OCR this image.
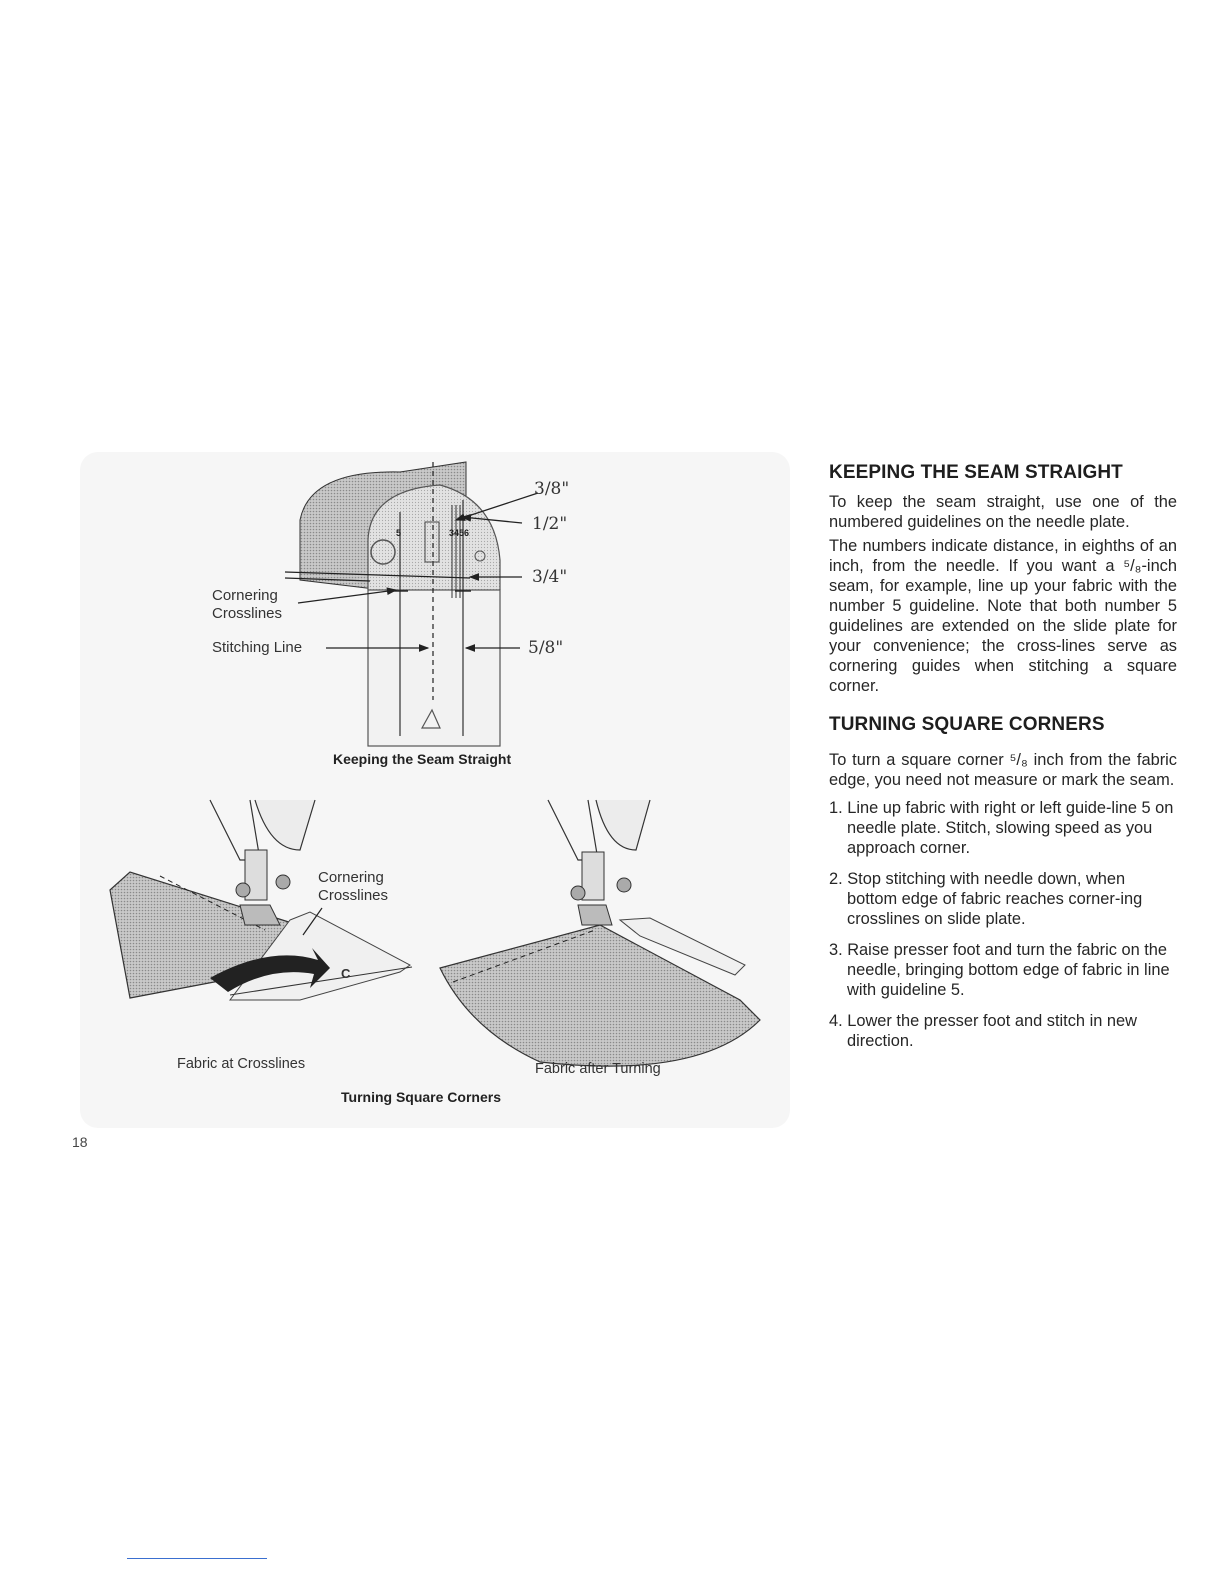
Cornering
Crosslines
Stitching Line
3/8"
1/2"
3/4"
5/8"
5	3456
Keeping the Seam Straight
C
Cornering
Crosslines
Fabric at Crosslines	Fabric after Turning
Turning Square Corners
KEEPING THE SEAM STRAIGHT

To keep the seam straight, use one of the numbered guidelines on the needle plate.

The numbers indicate distance, in eighths of an inch, from the needle. If you want a ⁵/₈-inch seam, for example, line up your fabric with the number 5 guideline. Note that both number 5 guidelines are extended on the slide plate for your convenience; the cross-lines serve as cornering guides when stitching a square corner.

TURNING SQUARE CORNERS

To turn a square corner ⁵/₈ inch from the fabric edge, you need not measure or mark the seam.

1. Line up fabric with right or left guide-line 5 on needle plate. Stitch, slowing speed as you approach corner.
2. Stop stitching with needle down, when bottom edge of fabric reaches corner-ing crosslines on slide plate.
3. Raise presser foot and turn the fabric on the needle, bringing bottom edge of fabric in line with guideline 5.
4. Lower the presser foot and stitch in new direction.
18
